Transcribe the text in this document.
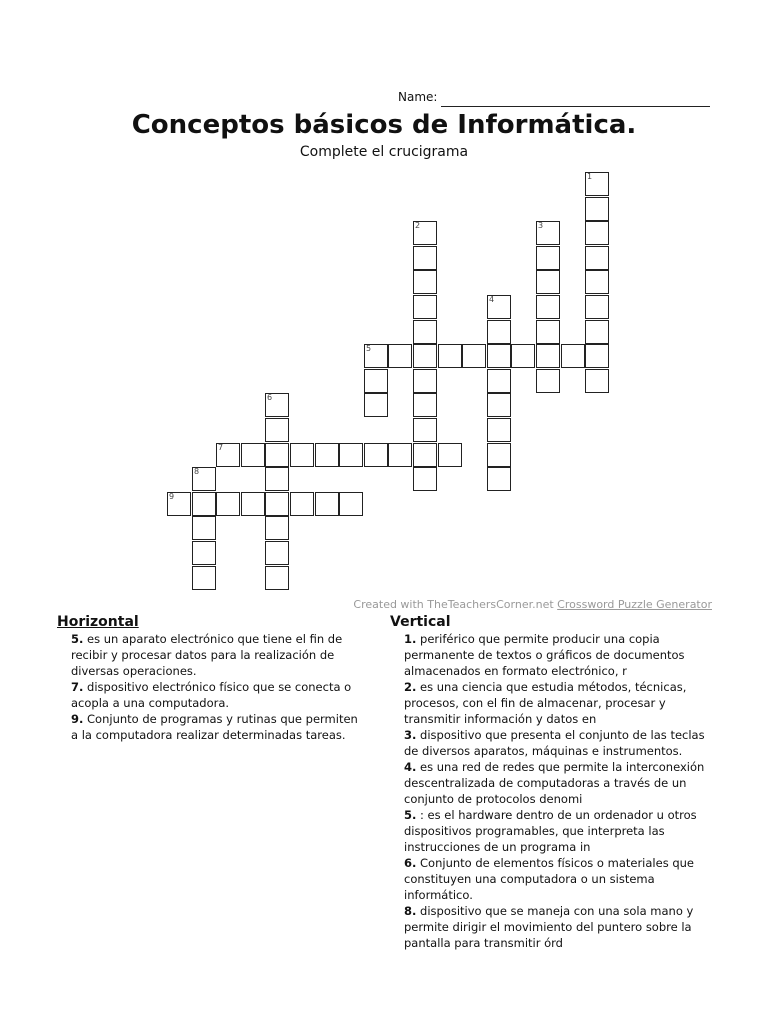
Name:
Conceptos básicos de Informática.
Complete el crucigrama
1
2	3
4
5
6
7
8
9
Created with TheTeachersCorner.net Crossword Puzzle Generator
Horizontal

5. es un aparato electrónico que tiene el fin de recibir y procesar datos para la realización de diversas operaciones.

7. dispositivo electrónico físico que se conecta o acopla a una computadora.

9. Conjunto de programas y rutinas que permiten a la computadora realizar determinadas tareas.

Vertical

1. periférico que permite producir una copia permanente de textos o gráficos de documentos almacenados en formato electrónico, r

2. es una ciencia que estudia métodos, técnicas, procesos, con el fin de almacenar, procesar y transmitir información y datos en

3. dispositivo que presenta el conjunto de las teclas de diversos aparatos, máquinas e instrumentos.

4. es una red de redes que permite la interconexión descentralizada de computadoras a través de un conjunto de protocolos denomi

5. : es el hardware dentro de un ordenador u otros dispositivos programables, que interpreta las instrucciones de un programa in

6. Conjunto de elementos físicos o materiales que constituyen una computadora o un sistema informático.

8. dispositivo que se maneja con una sola mano y permite dirigir el movimiento del puntero sobre la pantalla para transmitir órd
